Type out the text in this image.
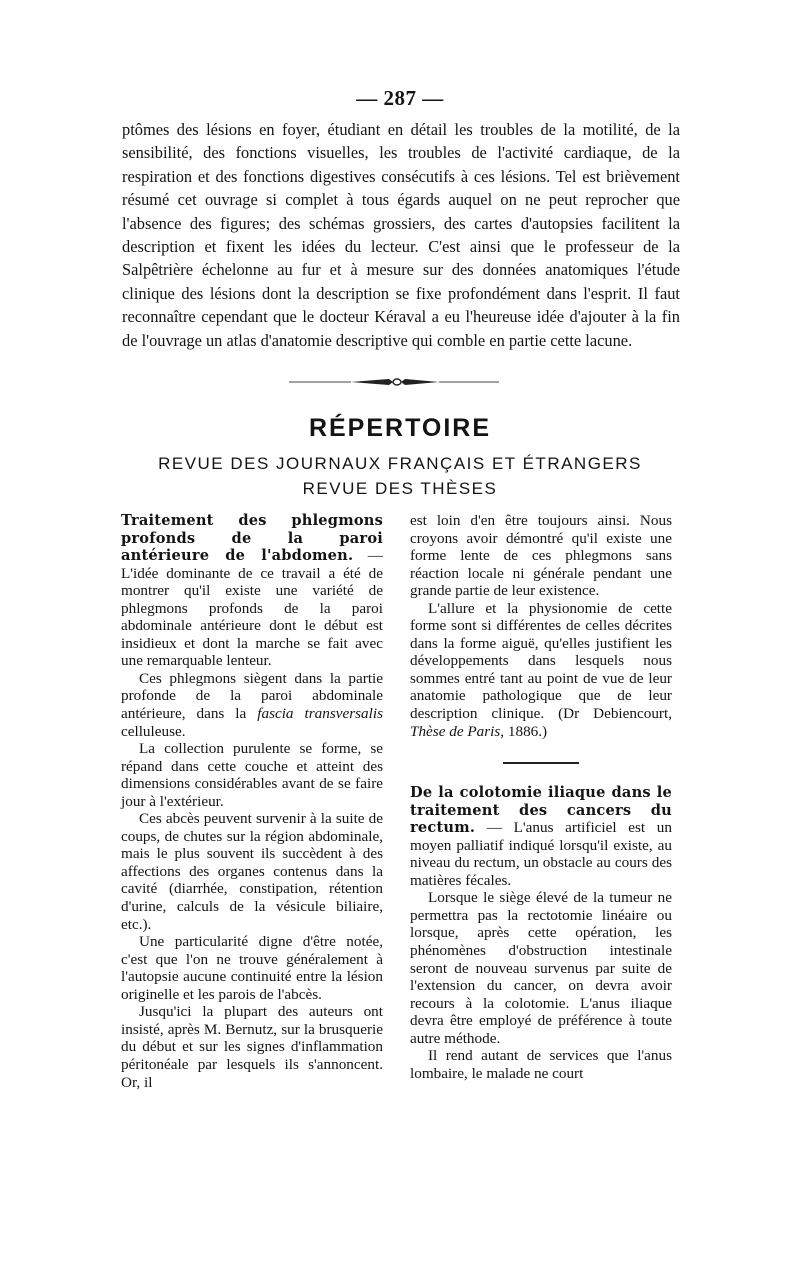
— 287 —

ptômes des lésions en foyer, étudiant en détail les troubles de la motilité, de la sensibilité, des fonctions visuelles, les troubles de l'activité cardiaque, de la respiration et des fonctions digestives consécutifs à ces lésions. Tel est brièvement résumé cet ouvrage si complet à tous égards auquel on ne peut reprocher que l'absence des figures; des schémas grossiers, des cartes d'autopsies facilitent la description et fixent les idées du lecteur. C'est ainsi que le professeur de la Salpêtrière échelonne au fur et à mesure sur des données anatomiques l'étude clinique des lésions dont la description se fixe profondément dans l'esprit. Il faut reconnaître cependant que le docteur Kéraval a eu l'heureuse idée d'ajouter à la fin de l'ouvrage un atlas d'anatomie descriptive qui comble en partie cette lacune.

RÉPERTOIRE
REVUE DES JOURNAUX FRANÇAIS ET ÉTRANGERS
REVUE DES THÈSES

Traitement des phlegmons profonds de la paroi antérieure de l'abdomen. — L'idée dominante de ce travail a été de montrer qu'il existe une variété de phlegmons profonds de la paroi abdominale antérieure dont le début est insidieux et dont la marche se fait avec une remarquable lenteur.

Ces phlegmons siègent dans la partie profonde de la paroi abdominale antérieure, dans la fascia transversalis celluleuse.

La collection purulente se forme, se répand dans cette couche et atteint des dimensions considérables avant de se faire jour à l'extérieur.

Ces abcès peuvent survenir à la suite de coups, de chutes sur la région abdominale, mais le plus souvent ils succèdent à des affections des organes contenus dans la cavité (diarrhée, constipation, rétention d'urine, calculs de la vésicule biliaire, etc.).

Une particularité digne d'être notée, c'est que l'on ne trouve généralement à l'autopsie aucune continuité entre la lésion originelle et les parois de l'abcès.

Jusqu'ici la plupart des auteurs ont insisté, après M. Bernutz, sur la brusquerie du début et sur les signes d'inflammation péritonéale par lesquels ils s'annoncent. Or, il

est loin d'en être toujours ainsi. Nous croyons avoir démontré qu'il existe une forme lente de ces phlegmons sans réaction locale ni générale pendant une grande partie de leur existence.

L'allure et la physionomie de cette forme sont si différentes de celles décrites dans la forme aiguë, qu'elles justifient les développements dans lesquels nous sommes entré tant au point de vue de leur anatomie pathologique que de leur description clinique. (Dr Debiencourt, Thèse de Paris, 1886.)

De la colotomie iliaque dans le traitement des cancers du rectum. — L'anus artificiel est un moyen palliatif indiqué lorsqu'il existe, au niveau du rectum, un obstacle au cours des matières fécales.

Lorsque le siège élevé de la tumeur ne permettra pas la rectotomie linéaire ou lorsque, après cette opération, les phénomènes d'obstruction intestinale seront de nouveau survenus par suite de l'extension du cancer, on devra avoir recours à la colotomie. L'anus iliaque devra être employé de préférence à toute autre méthode.

Il rend autant de services que l'anus lombaire, le malade ne court
